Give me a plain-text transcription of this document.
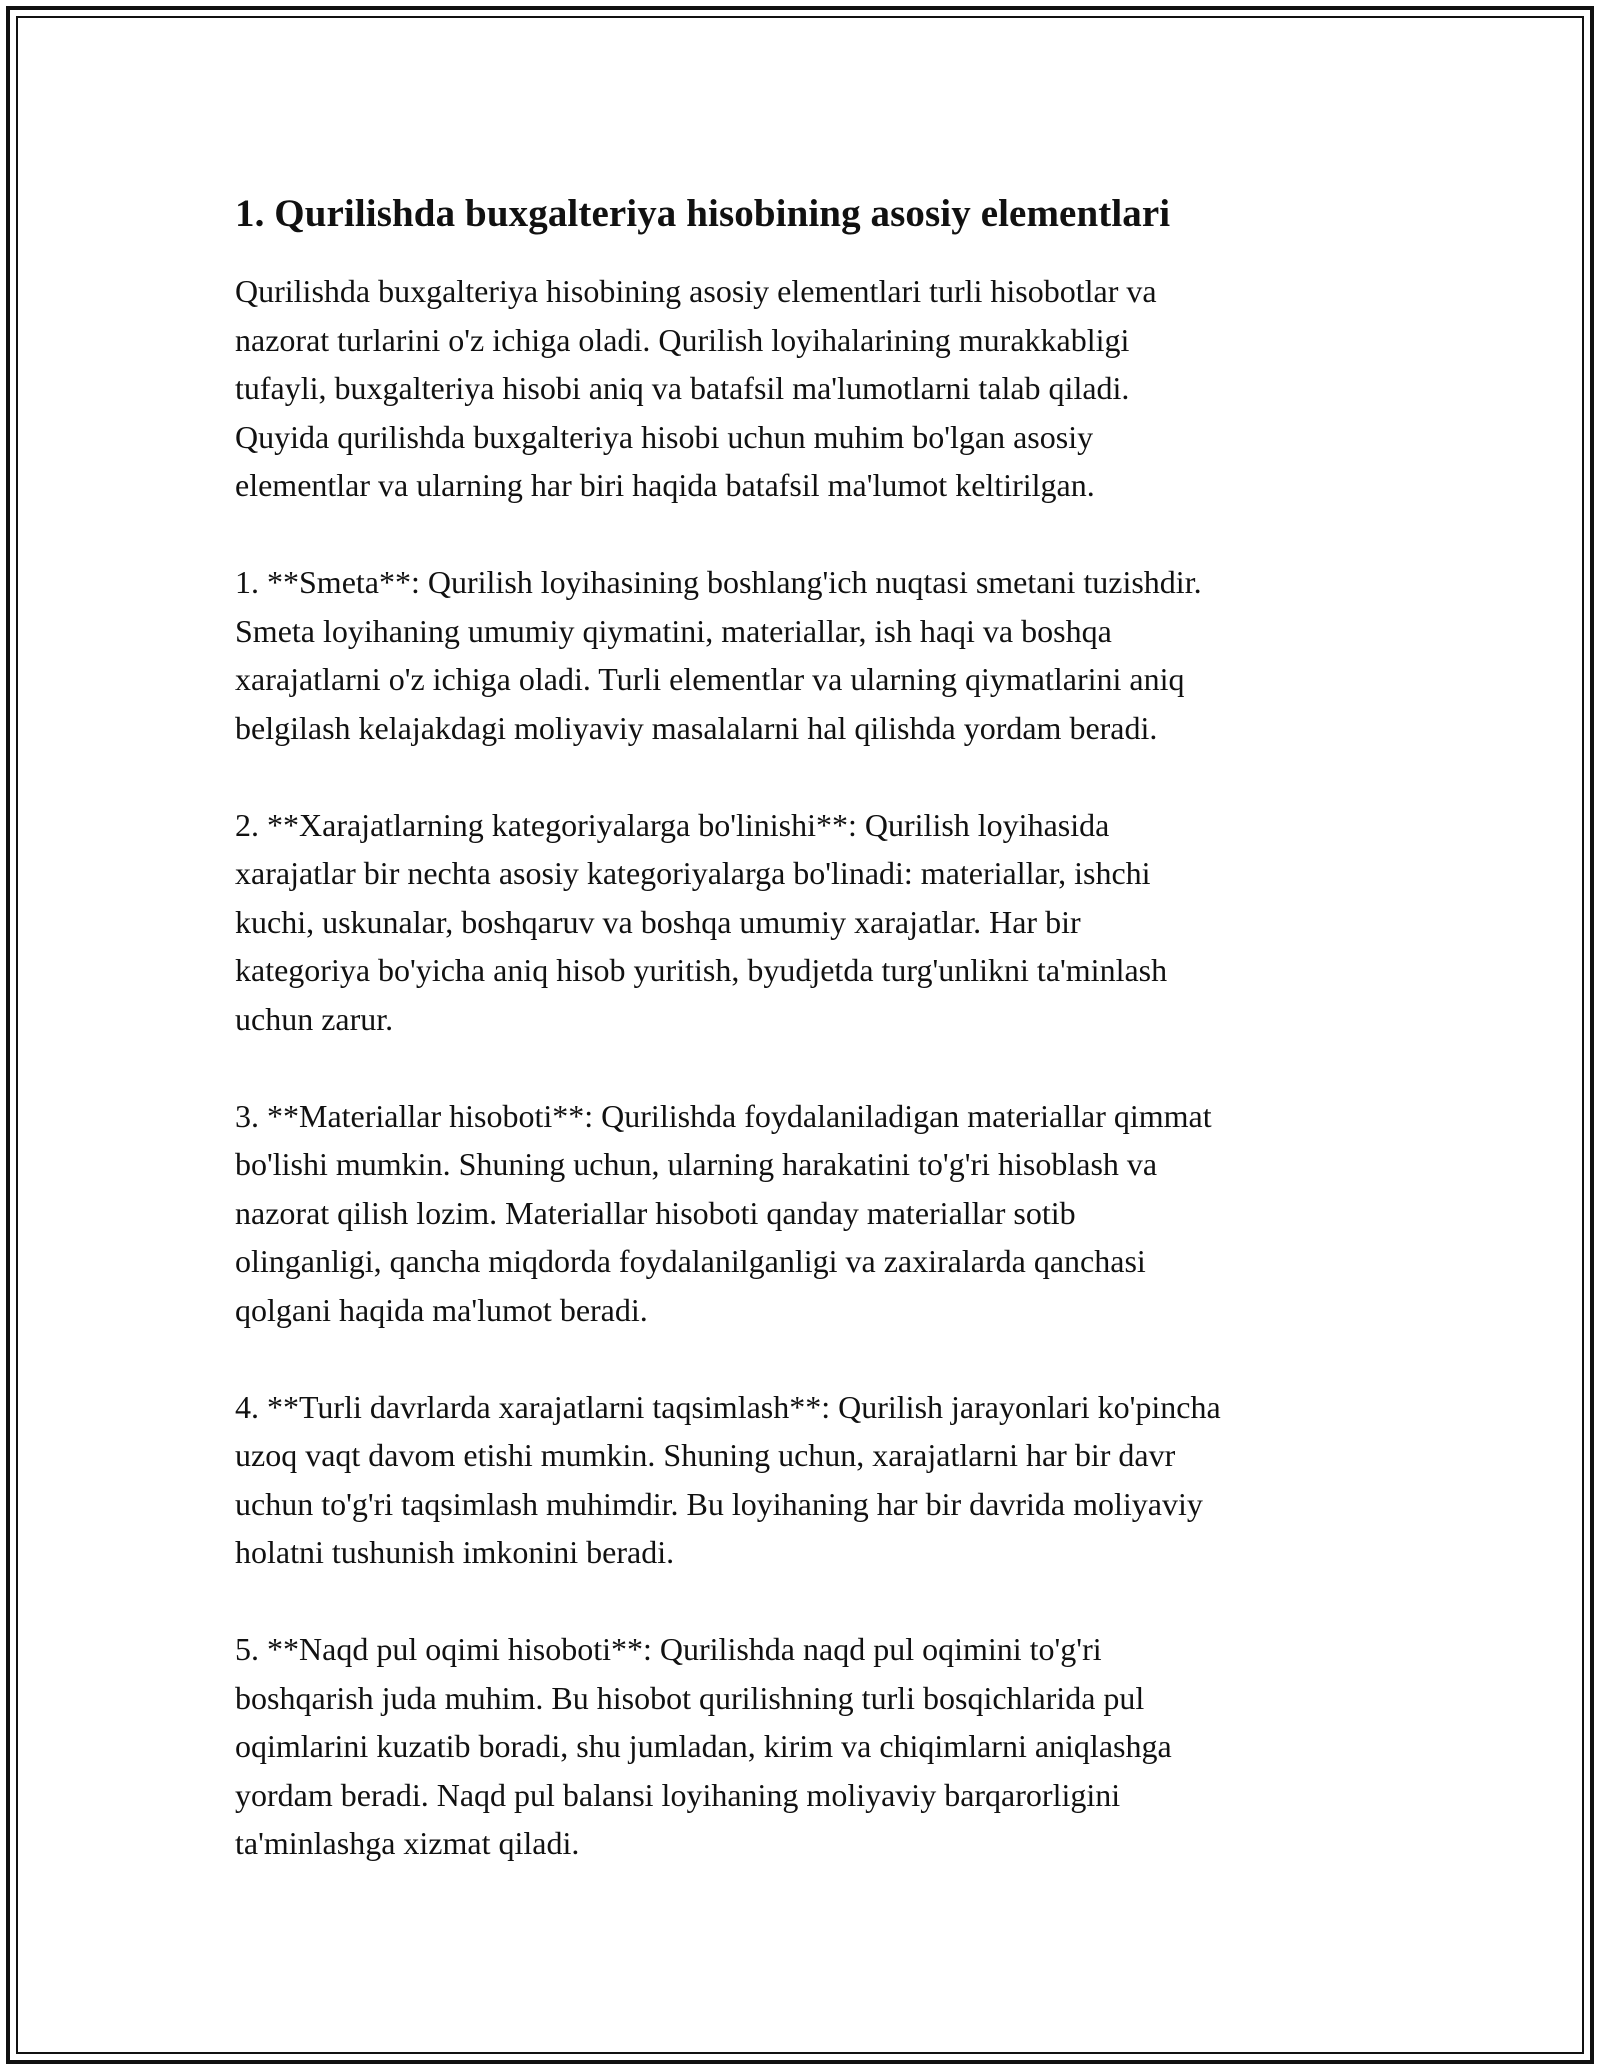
1. Qurilishda buxgalteriya hisobining asosiy elementlari

Qurilishda buxgalteriya hisobining asosiy elementlari turli hisobotlar va
nazorat turlarini o'z ichiga oladi. Qurilish loyihalarining murakkabligi
tufayli, buxgalteriya hisobi aniq va batafsil ma'lumotlarni talab qiladi.
Quyida qurilishda buxgalteriya hisobi uchun muhim bo'lgan asosiy
elementlar va ularning har biri haqida batafsil ma'lumot keltirilgan.

1. **Smeta**: Qurilish loyihasining boshlang'ich nuqtasi smetani tuzishdir.
Smeta loyihaning umumiy qiymatini, materiallar, ish haqi va boshqa
xarajatlarni o'z ichiga oladi. Turli elementlar va ularning qiymatlarini aniq
belgilash kelajakdagi moliyaviy masalalarni hal qilishda yordam beradi.

2. **Xarajatlarning kategoriyalarga bo'linishi**: Qurilish loyihasida
xarajatlar bir nechta asosiy kategoriyalarga bo'linadi: materiallar, ishchi
kuchi, uskunalar, boshqaruv va boshqa umumiy xarajatlar. Har bir
kategoriya bo'yicha aniq hisob yuritish, byudjetda turg'unlikni ta'minlash
uchun zarur.

3. **Materiallar hisoboti**: Qurilishda foydalaniladigan materiallar qimmat
bo'lishi mumkin. Shuning uchun, ularning harakatini to'g'ri hisoblash va
nazorat qilish lozim. Materiallar hisoboti qanday materiallar sotib
olinganligi, qancha miqdorda foydalanilganligi va zaxiralarda qanchasi
qolgani haqida ma'lumot beradi.

4. **Turli davrlarda xarajatlarni taqsimlash**: Qurilish jarayonlari ko'pincha
uzoq vaqt davom etishi mumkin. Shuning uchun, xarajatlarni har bir davr
uchun to'g'ri taqsimlash muhimdir. Bu loyihaning har bir davrida moliyaviy
holatni tushunish imkonini beradi.

5. **Naqd pul oqimi hisoboti**: Qurilishda naqd pul oqimini to'g'ri
boshqarish juda muhim. Bu hisobot qurilishning turli bosqichlarida pul
oqimlarini kuzatib boradi, shu jumladan, kirim va chiqimlarni aniqlashga
yordam beradi. Naqd pul balansi loyihaning moliyaviy barqarorligini
ta'minlashga xizmat qiladi.
